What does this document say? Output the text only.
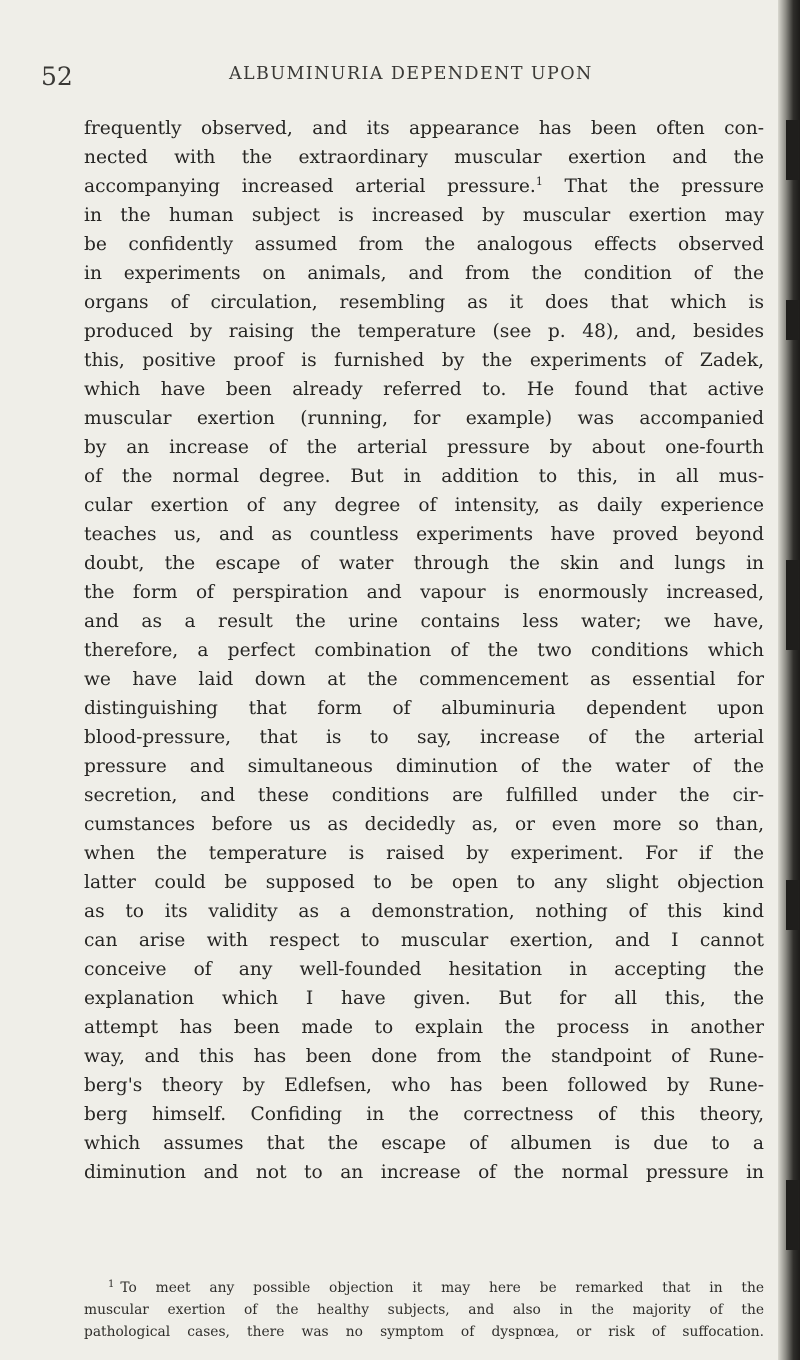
52	ALBUMINURIA DEPENDENT UPON
frequently observed, and its appearance has been often con-
nected with the extraordinary muscular exertion and the
accompanying increased arterial pressure.$^1$ That the pressure
in the human subject is increased by muscular exertion may
be confidently assumed from the analogous effects observed
in experiments on animals, and from the condition of the
organs of circulation, resembling as it does that which is
produced by raising the temperature (see p. 48), and, besides
this, positive proof is furnished by the experiments of Zadek,
which have been already referred to. He found that active
muscular exertion (running, for example) was accompanied
by an increase of the arterial pressure by about one-fourth
of the normal degree. But in addition to this, in all mus-
cular exertion of any degree of intensity, as daily experience
teaches us, and as countless experiments have proved beyond
doubt, the escape of water through the skin and lungs in
the form of perspiration and vapour is enormously increased,
and as a result the urine contains less water; we have,
therefore, a perfect combination of the two conditions which
we have laid down at the commencement as essential for
distinguishing that form of albuminuria dependent upon
blood-pressure, that is to say, increase of the arterial
pressure and simultaneous diminution of the water of the
secretion, and these conditions are fulfilled under the cir-
cumstances before us as decidedly as, or even more so than,
when the temperature is raised by experiment. For if the
latter could be supposed to be open to any slight objection
as to its validity as a demonstration, nothing of this kind
can arise with respect to muscular exertion, and I cannot
conceive of any well-founded hesitation in accepting the
explanation which I have given. But for all this, the
attempt has been made to explain the process in another
way, and this has been done from the standpoint of Rune-
berg's theory by Edlefsen, who has been followed by Rune-
berg himself. Confiding in the correctness of this theory,
which assumes that the escape of albumen is due to a
diminution and not to an increase of the normal pressure in
$^1$ To meet any possible objection it may here be remarked that in the
muscular exertion of the healthy subjects, and also in the majority of the
pathological cases, there was no symptom of dyspnœa, or risk of suffocation.
